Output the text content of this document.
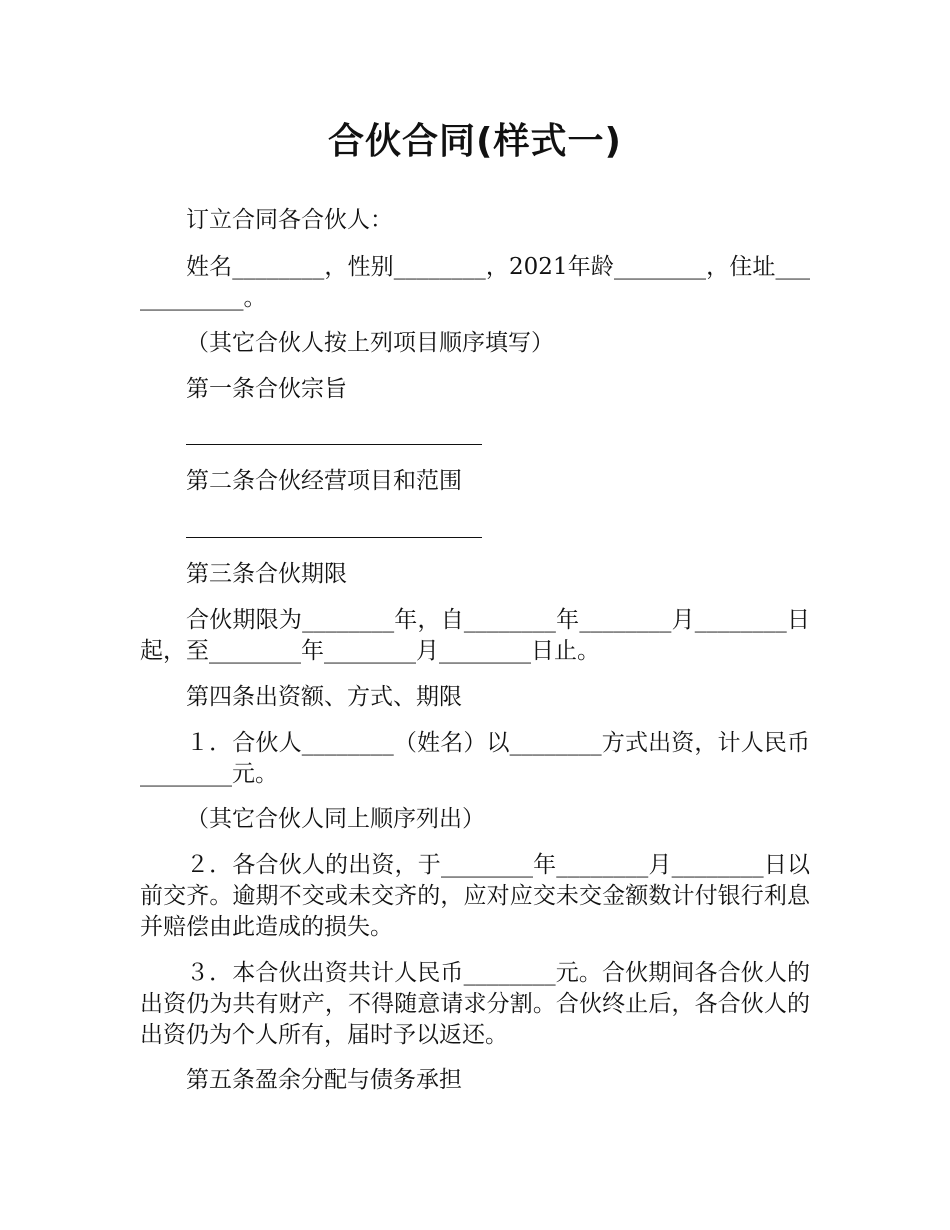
合伙合同(样式一)
订立合同各合伙人：
姓名________，性别________，2021年龄________，住址____________。
（其它合伙人按上列项目顺序填写）
第一条合伙宗旨
第二条合伙经营项目和范围
第三条合伙期限
合伙期限为________年，自________年________月________日起，至________年________月________日止。
第四条出资额、方式、期限
１．合伙人________（姓名）以________方式出资，计人民币________元。
（其它合伙人同上顺序列出）
２．各合伙人的出资，于________年________月________日以前交齐。逾期不交或未交齐的，应对应交未交金额数计付银行利息并赔偿由此造成的损失。
３．本合伙出资共计人民币________元。合伙期间各合伙人的出资仍为共有财产，不得随意请求分割。合伙终止后，各合伙人的出资仍为个人所有，届时予以返还。
第五条盈余分配与债务承担
